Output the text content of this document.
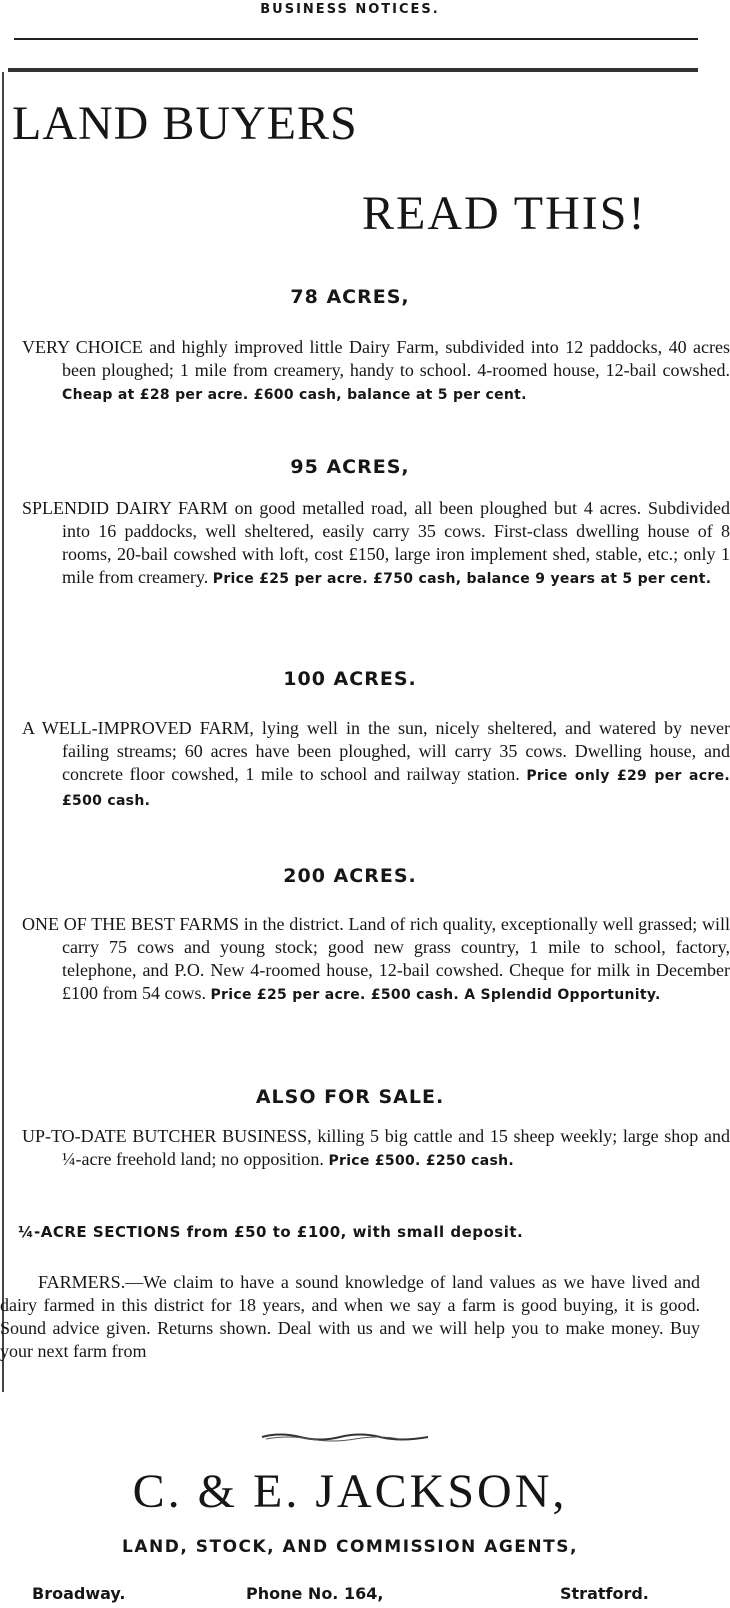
BUSINESS NOTICES.
LAND BUYERS
READ THIS!
78 ACRES,
VERY CHOICE and highly improved little Dairy Farm, subdivided into 12 paddocks, 40 acres been ploughed; 1 mile from creamery, handy to school. 4-roomed house, 12-bail cowshed. Cheap at £28 per acre. £600 cash, balance at 5 per cent.
95 ACRES,
SPLENDID DAIRY FARM on good metalled road, all been ploughed but 4 acres. Subdivided into 16 paddocks, well sheltered, easily carry 35 cows. First-class dwelling house of 8 rooms, 20-bail cowshed with loft, cost £150, large iron implement shed, stable, etc.; only 1 mile from creamery. Price £25 per acre. £750 cash, balance 9 years at 5 per cent.
100 ACRES.
A WELL-IMPROVED FARM, lying well in the sun, nicely sheltered, and watered by never failing streams; 60 acres have been ploughed, will carry 35 cows. Dwelling house, and concrete floor cowshed, 1 mile to school and railway station. Price only £29 per acre. £500 cash.
200 ACRES.
ONE OF THE BEST FARMS in the district. Land of rich quality, exceptionally well grassed; will carry 75 cows and young stock; good new grass country, 1 mile to school, factory, telephone, and P.O. New 4-roomed house, 12-bail cowshed. Cheque for milk in December £100 from 54 cows. Price £25 per acre. £500 cash. A Splendid Opportunity.
ALSO FOR SALE.
UP-TO-DATE BUTCHER BUSINESS, killing 5 big cattle and 15 sheep weekly; large shop and ¼-acre freehold land; no opposition. Price £500. £250 cash.
¼-ACRE SECTIONS from £50 to £100, with small deposit.
FARMERS.—We claim to have a sound knowledge of land values as we have lived and dairy farmed in this district for 18 years, and when we say a farm is good buying, it is good. Sound advice given. Returns shown. Deal with us and we will help you to make money. Buy your next farm from
C. & E. JACKSON,
LAND, STOCK, AND COMMISSION AGENTS,
Broadway.	Phone No. 164,	Stratford.
